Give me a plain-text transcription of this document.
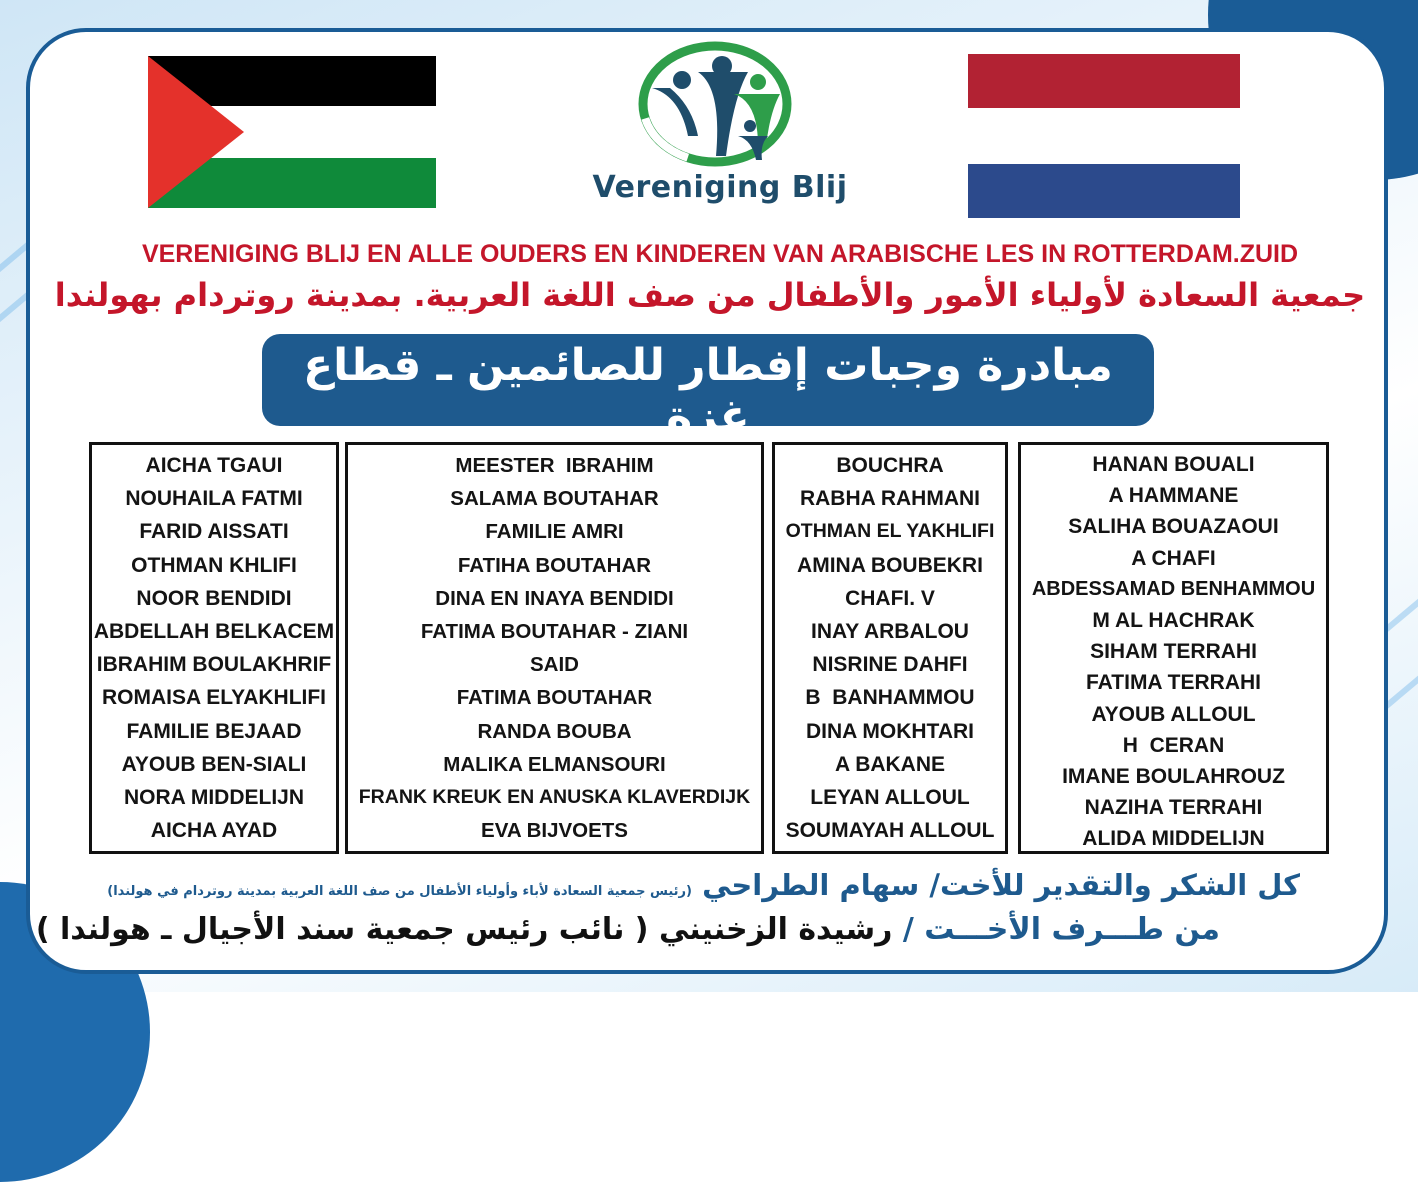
Vereniging Blij
VERENIGING BLIJ EN ALLE OUDERS EN KINDEREN VAN ARABISCHE LES IN ROTTERDAM.ZUID
جمعية السعادة لأولياء الأمور والأطفال من صف اللغة العربية. بمدينة روتردام بهولندا
مبادرة وجبات إفطار للصائمين ـ قطاع غزة
AICHA TGAUI
NOUHAILA FATMI
FARID AISSATI
OTHMAN KHLIFI
NOOR BENDIDI
ABDELLAH BELKACEM
IBRAHIM BOULAKHRIF
ROMAISA ELYAKHLIFI
FAMILIE BEJAAD
AYOUB BEN-SIALI
NORA MIDDELIJN
AICHA AYAD
MEESTER  IBRAHIM
SALAMA BOUTAHAR
FAMILIE AMRI
FATIHA BOUTAHAR
DINA EN INAYA BENDIDI
FATIMA BOUTAHAR - ZIANI
SAID
FATIMA BOUTAHAR
RANDA BOUBA
MALIKA ELMANSOURI
FRANK KREUK EN ANUSKA KLAVERDIJK
EVA BIJVOETS
BOUCHRA
RABHA RAHMANI
OTHMAN EL YAKHLIFI
AMINA BOUBEKRI
CHAFI. V
INAY ARBALOU
NISRINE DAHFI
B  BANHAMMOU
DINA MOKHTARI
A BAKANE
LEYAN ALLOUL
SOUMAYAH ALLOUL
HANAN BOUALI
A HAMMANE
SALIHA BOUAZAOUI
A CHAFI
ABDESSAMAD BENHAMMOU
M AL HACHRAK
SIHAM TERRAHI
FATIMA TERRAHI
AYOUB ALLOUL
H  CERAN
IMANE BOULAHROUZ
NAZIHA TERRAHI
ALIDA MIDDELIJN
كل الشكر والتقدير للأخت/ سهام الطراحي (رئيس جمعية السعادة لأباء وأولياء الأطفال من صف اللغة العربية بمدينة روتردام في هولندا)
من طـــرف الأخـــت / رشيدة الزخنيني ( نائب رئيس جمعية سند الأجيال ـ هولندا )
